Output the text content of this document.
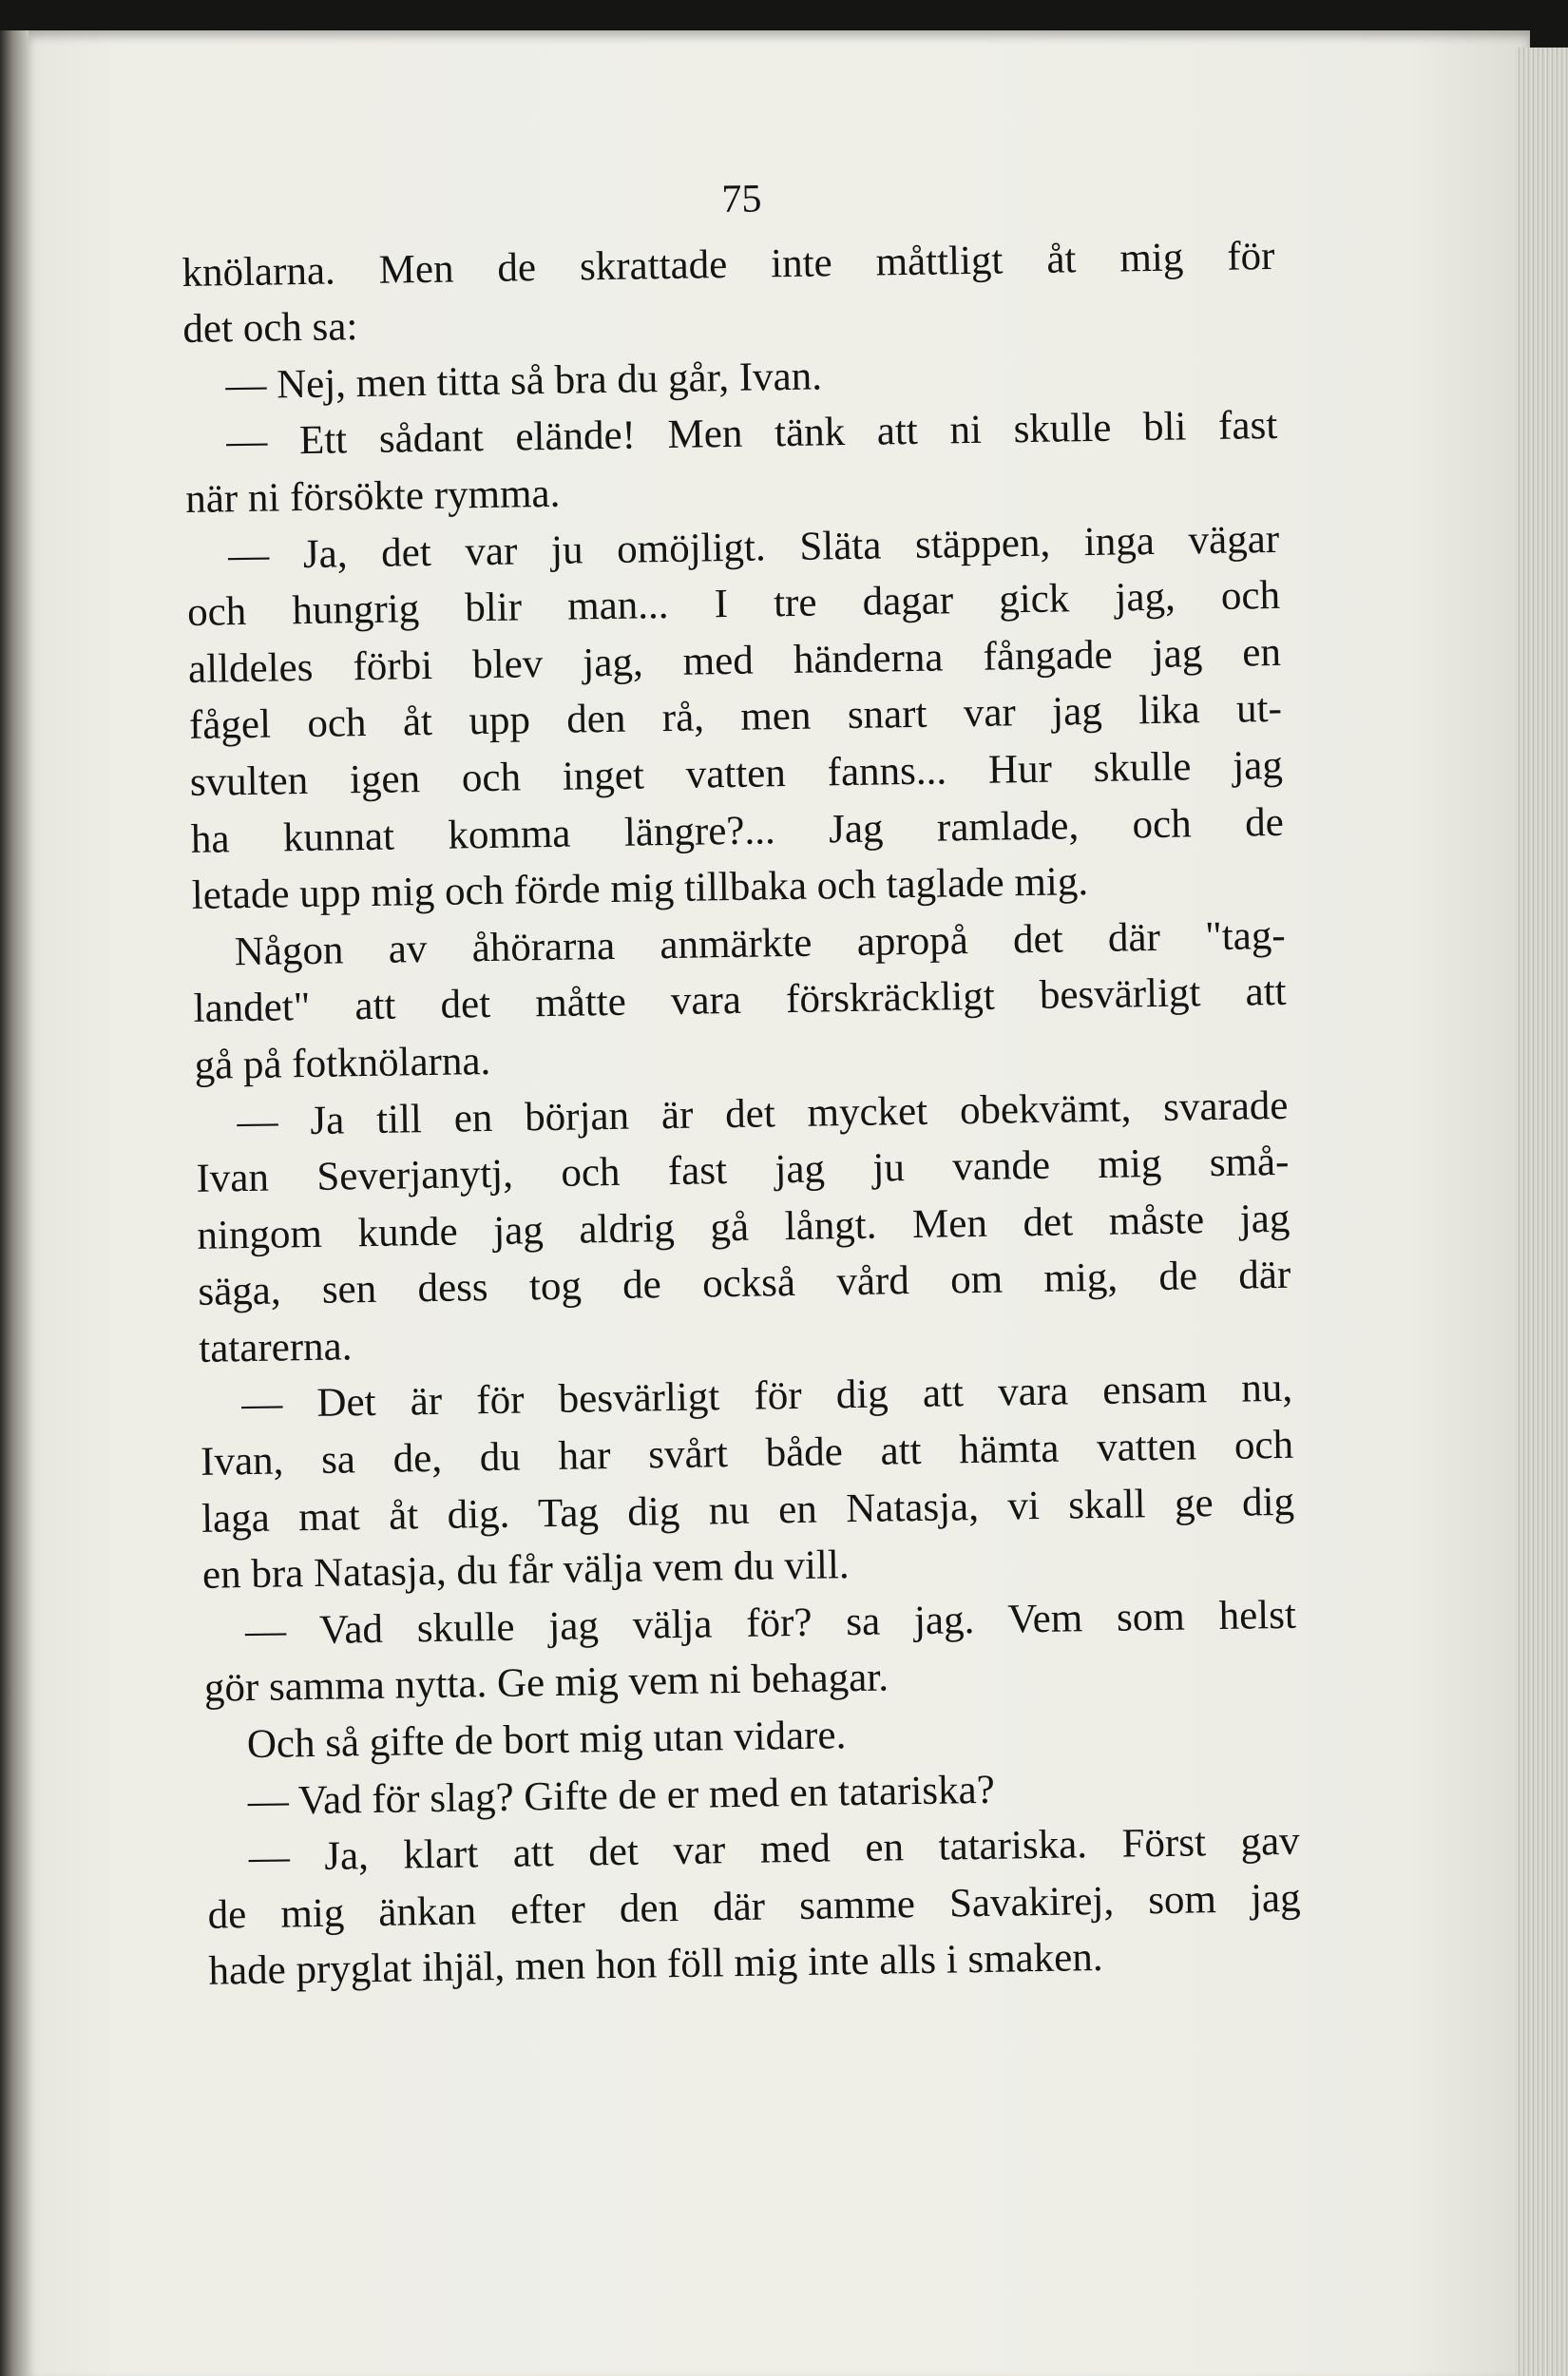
75
knölarna. Men de skrattade inte måttligt åt mig för
det och sa:
— Nej, men titta så bra du går, Ivan.
— Ett sådant elände! Men tänk att ni skulle bli fast
när ni försökte rymma.
— Ja, det var ju omöjligt. Släta stäppen, inga vägar
och hungrig blir man... I tre dagar gick jag, och
alldeles förbi blev jag, med händerna fångade jag en
fågel och åt upp den rå, men snart var jag lika ut-
svulten igen och inget vatten fanns... Hur skulle jag
ha kunnat komma längre?... Jag ramlade, och de
letade upp mig och förde mig tillbaka och taglade mig.
Någon av åhörarna anmärkte apropå det där "tag-
landet" att det måtte vara förskräckligt besvärligt att
gå på fotknölarna.
— Ja till en början är det mycket obekvämt, svarade
Ivan Severjanytj, och fast jag ju vande mig små-
ningom kunde jag aldrig gå långt. Men det måste jag
säga, sen dess tog de också vård om mig, de där
tatarerna.
— Det är för besvärligt för dig att vara ensam nu,
Ivan, sa de, du har svårt både att hämta vatten och
laga mat åt dig. Tag dig nu en Natasja, vi skall ge dig
en bra Natasja, du får välja vem du vill.
— Vad skulle jag välja för? sa jag. Vem som helst
gör samma nytta. Ge mig vem ni behagar.
Och så gifte de bort mig utan vidare.
— Vad för slag? Gifte de er med en tatariska?
— Ja, klart att det var med en tatariska. Först gav
de mig änkan efter den där samme Savakirej, som jag
hade pryglat ihjäl, men hon föll mig inte alls i smaken.
